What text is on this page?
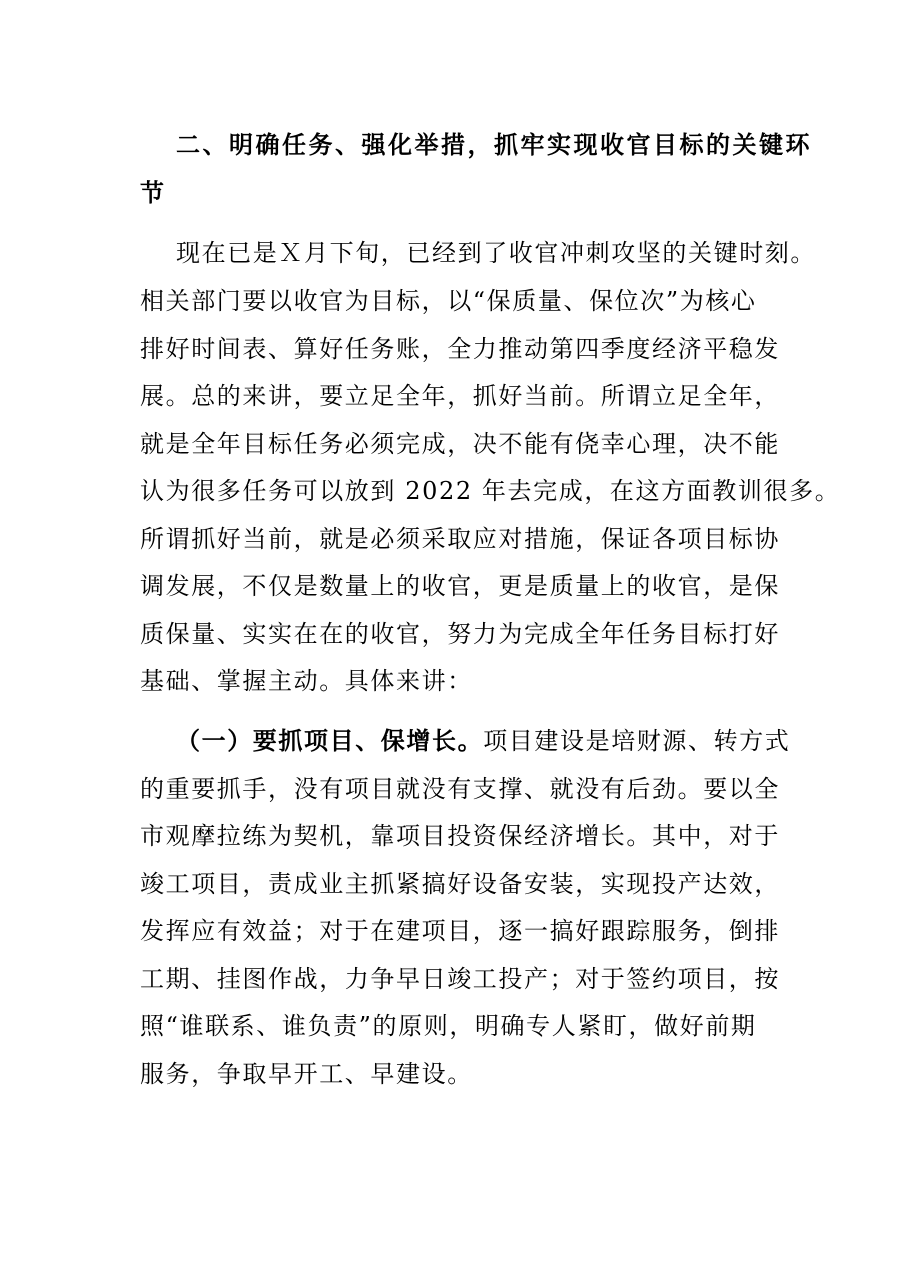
二、明确任务、强化举措，抓牢实现收官目标的关键环
节
现在已是Ｘ月下旬，已经到了收官冲刺攻坚的关键时刻。
相关部门要以收官为目标，以“保质量、保位次”为核心
排好时间表、算好任务账，全力推动第四季度经济平稳发
展。总的来讲，要立足全年，抓好当前。所谓立足全年，
就是全年目标任务必须完成，决不能有侥幸心理，决不能
认为很多任务可以放到 2022 年去完成，在这方面教训很多。
所谓抓好当前，就是必须采取应对措施，保证各项目标协
调发展，不仅是数量上的收官，更是质量上的收官，是保
质保量、实实在在的收官，努力为完成全年任务目标打好
基础、掌握主动。具体来讲：
（一）要抓项目、保增长。项目建设是培财源、转方式
的重要抓手，没有项目就没有支撑、就没有后劲。要以全
市观摩拉练为契机，靠项目投资保经济增长。其中，对于
竣工项目，责成业主抓紧搞好设备安装，实现投产达效，
发挥应有效益；对于在建项目，逐一搞好跟踪服务，倒排
工期、挂图作战，力争早日竣工投产；对于签约项目，按
照“谁联系、谁负责”的原则，明确专人紧盯，做好前期
服务，争取早开工、早建设。
